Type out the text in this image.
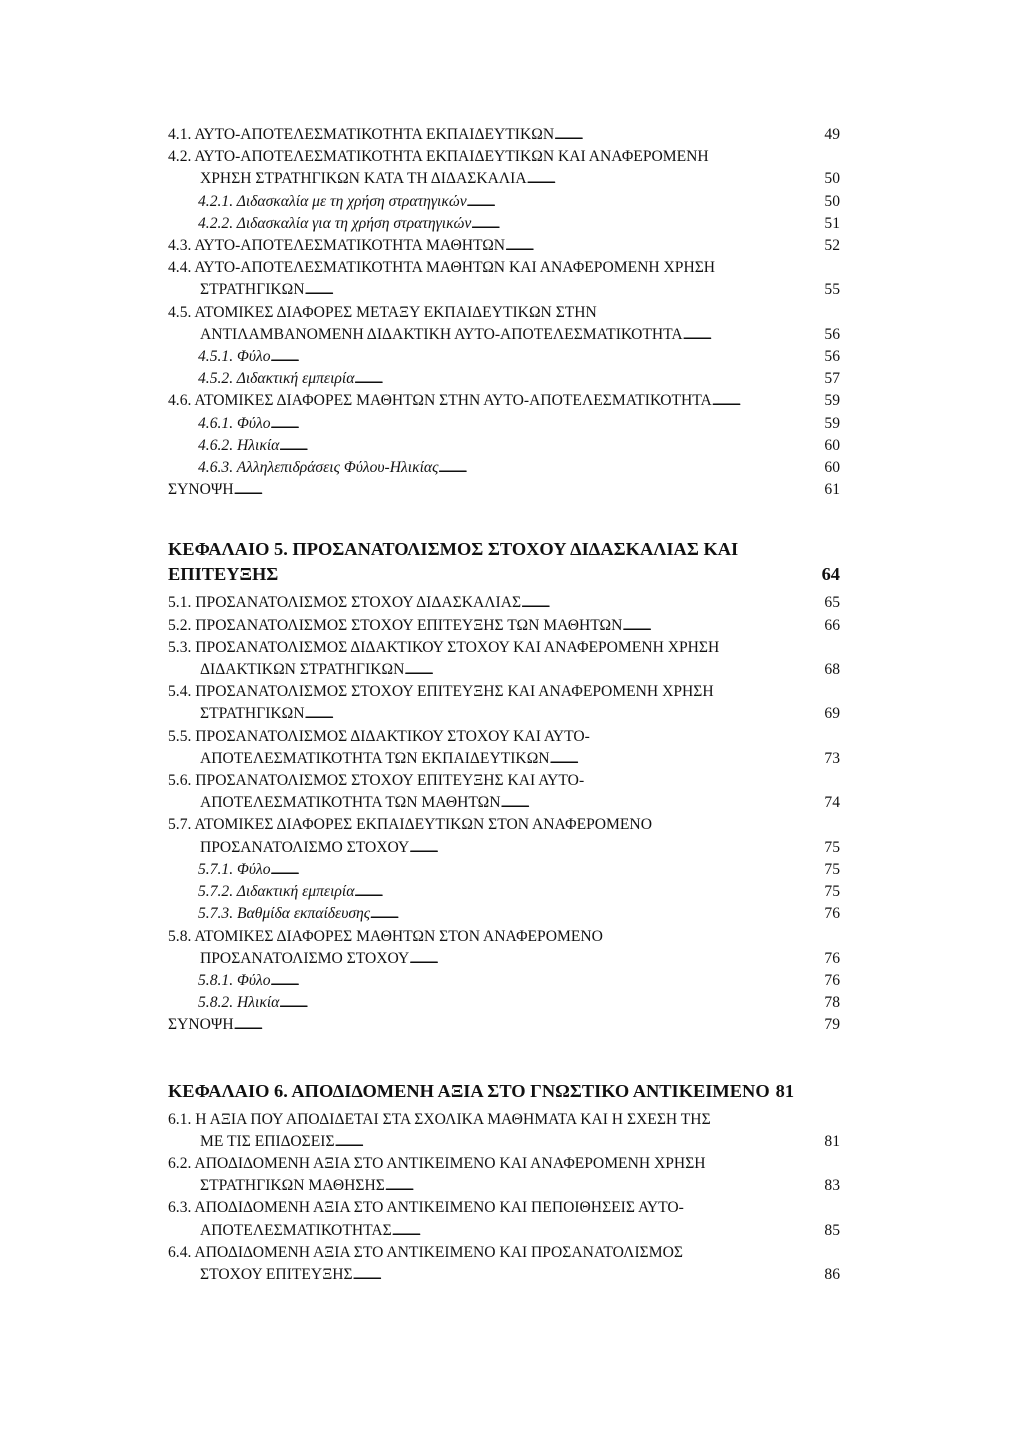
4.1. ΑΥΤΟ-ΑΠΟΤΕΛΕΣΜΑΤΙΚΟΤΗΤΑ ΕΚΠΑΙΔΕΥΤΙΚΩΝ . . .	49
4.2. ΑΥΤΟ-ΑΠΟΤΕΛΕΣΜΑΤΙΚΟΤΗΤΑ ΕΚΠΑΙΔΕΥΤΙΚΩΝ ΚΑΙ ΑΝΑΦΕΡΟΜΕΝΗ
ΧΡΗΣΗ ΣΤΡΑΤΗΓΙΚΩΝ ΚΑΤΑ ΤΗ ΔΙΔΑΣΚΑΛΙΑ . . .	50
4.2.1. Διδασκαλία με τη χρήση στρατηγικών . . .	50
4.2.2. Διδασκαλία για τη χρήση στρατηγικών . . .	51
4.3. ΑΥΤΟ-ΑΠΟΤΕΛΕΣΜΑΤΙΚΟΤΗΤΑ ΜΑΘΗΤΩΝ . . .	52
4.4. ΑΥΤΟ-ΑΠΟΤΕΛΕΣΜΑΤΙΚΟΤΗΤΑ ΜΑΘΗΤΩΝ ΚΑΙ ΑΝΑΦΕΡΟΜΕΝΗ ΧΡΗΣΗ
ΣΤΡΑΤΗΓΙΚΩΝ . . .	55
4.5. ΑΤΟΜΙΚΕΣ ΔΙΑΦΟΡΕΣ ΜΕΤΑΞΥ ΕΚΠΑΙΔΕΥΤΙΚΩΝ ΣΤΗΝ
ΑΝΤΙΛΑΜΒΑΝΟΜΕΝΗ ΔΙΔΑΚΤΙΚΗ ΑΥΤΟ-ΑΠΟΤΕΛΕΣΜΑΤΙΚΟΤΗΤΑ . . .	56
4.5.1. Φύλο . . .	56
4.5.2. Διδακτική εμπειρία . . .	57
4.6. ΑΤΟΜΙΚΕΣ ΔΙΑΦΟΡΕΣ ΜΑΘΗΤΩΝ ΣΤΗΝ ΑΥΤΟ-ΑΠΟΤΕΛΕΣΜΑΤΙΚΟΤΗΤΑ . . .	59
4.6.1. Φύλο . . .	59
4.6.2. Ηλικία . . .	60
4.6.3. Αλληλεπιδράσεις Φύλου-Ηλικίας . . .	60
ΣΥΝΟΨΗ . . .	61
ΚΕΦΑΛΑΙΟ 5. ΠΡΟΣΑΝΑΤΟΛΙΣΜΟΣ ΣΤΟΧΟΥ ΔΙΔΑΣΚΑΛΙΑΣ ΚΑΙ
ΕΠΙΤΕΥΞΗΣ	64
5.1. ΠΡΟΣΑΝΑΤΟΛΙΣΜΟΣ ΣΤΟΧΟΥ ΔΙΔΑΣΚΑΛΙΑΣ . . .	65
5.2. ΠΡΟΣΑΝΑΤΟΛΙΣΜΟΣ ΣΤΟΧΟΥ ΕΠΙΤΕΥΞΗΣ ΤΩΝ ΜΑΘΗΤΩΝ . . .	66
5.3. ΠΡΟΣΑΝΑΤΟΛΙΣΜΟΣ ΔΙΔΑΚΤΙΚΟΥ ΣΤΟΧΟΥ ΚΑΙ ΑΝΑΦΕΡΟΜΕΝΗ ΧΡΗΣΗ
ΔΙΔΑΚΤΙΚΩΝ ΣΤΡΑΤΗΓΙΚΩΝ . . .	68
5.4. ΠΡΟΣΑΝΑΤΟΛΙΣΜΟΣ ΣΤΟΧΟΥ ΕΠΙΤΕΥΞΗΣ ΚΑΙ ΑΝΑΦΕΡΟΜΕΝΗ ΧΡΗΣΗ
ΣΤΡΑΤΗΓΙΚΩΝ . . .	69
5.5. ΠΡΟΣΑΝΑΤΟΛΙΣΜΟΣ ΔΙΔΑΚΤΙΚΟΥ ΣΤΟΧΟΥ ΚΑΙ ΑΥΤΟ-
ΑΠΟΤΕΛΕΣΜΑΤΙΚΟΤΗΤΑ ΤΩΝ ΕΚΠΑΙΔΕΥΤΙΚΩΝ . . .	73
5.6. ΠΡΟΣΑΝΑΤΟΛΙΣΜΟΣ ΣΤΟΧΟΥ ΕΠΙΤΕΥΞΗΣ ΚΑΙ ΑΥΤΟ-
ΑΠΟΤΕΛΕΣΜΑΤΙΚΟΤΗΤΑ ΤΩΝ ΜΑΘΗΤΩΝ . . .	74
5.7. ΑΤΟΜΙΚΕΣ ΔΙΑΦΟΡΕΣ ΕΚΠΑΙΔΕΥΤΙΚΩΝ ΣΤΟΝ ΑΝΑΦΕΡΟΜΕΝΟ
ΠΡΟΣΑΝΑΤΟΛΙΣΜΟ ΣΤΟΧΟΥ . . .	75
5.7.1. Φύλο . . .	75
5.7.2. Διδακτική εμπειρία . . .	75
5.7.3. Βαθμίδα εκπαίδευσης . . .	76
5.8. ΑΤΟΜΙΚΕΣ ΔΙΑΦΟΡΕΣ ΜΑΘΗΤΩΝ ΣΤΟΝ ΑΝΑΦΕΡΟΜΕΝΟ
ΠΡΟΣΑΝΑΤΟΛΙΣΜΟ ΣΤΟΧΟΥ . . .	76
5.8.1. Φύλο . . .	76
5.8.2. Ηλικία . . .	78
ΣΥΝΟΨΗ . . .	79
ΚΕΦΑΛΑΙΟ 6. ΑΠΟΔΙΔΟΜΕΝΗ ΑΞΙΑ ΣΤΟ ΓΝΩΣΤΙΚΟ ΑΝΤΙΚΕΙΜΕΝΟ 81
6.1. Η ΑΞΙΑ ΠΟΥ ΑΠΟΔΙΔΕΤΑΙ ΣΤΑ ΣΧΟΛΙΚΑ ΜΑΘΗΜΑΤΑ ΚΑΙ Η ΣΧΕΣΗ ΤΗΣ
ΜΕ ΤΙΣ ΕΠΙΔΟΣΕΙΣ . . .	81
6.2. ΑΠΟΔΙΔΟΜΕΝΗ ΑΞΙΑ ΣΤΟ ΑΝΤΙΚΕΙΜΕΝΟ ΚΑΙ ΑΝΑΦΕΡΟΜΕΝΗ ΧΡΗΣΗ
ΣΤΡΑΤΗΓΙΚΩΝ ΜΑΘΗΣΗΣ . . .	83
6.3. ΑΠΟΔΙΔΟΜΕΝΗ ΑΞΙΑ ΣΤΟ ΑΝΤΙΚΕΙΜΕΝΟ ΚΑΙ ΠΕΠΟΙΘΗΣΕΙΣ ΑΥΤΟ-
ΑΠΟΤΕΛΕΣΜΑΤΙΚΟΤΗΤΑΣ . . .	85
6.4. ΑΠΟΔΙΔΟΜΕΝΗ ΑΞΙΑ ΣΤΟ ΑΝΤΙΚΕΙΜΕΝΟ ΚΑΙ ΠΡΟΣΑΝΑΤΟΛΙΣΜΟΣ
ΣΤΟΧΟΥ ΕΠΙΤΕΥΞΗΣ . . .	86
